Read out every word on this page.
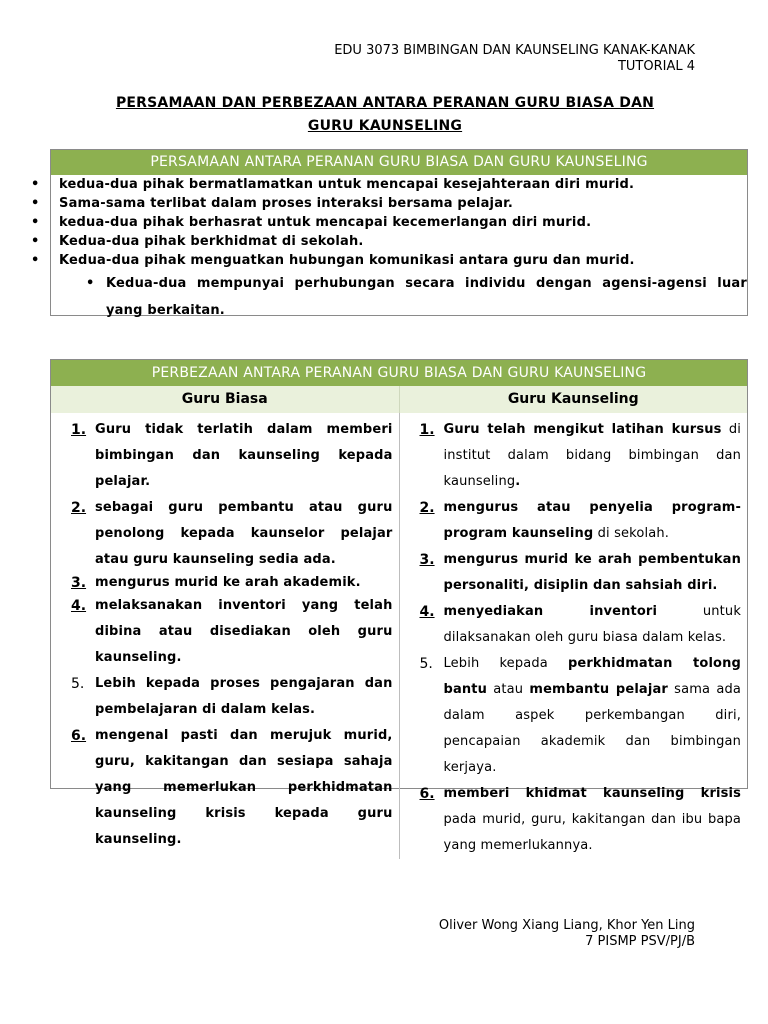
EDU 3073 BIMBINGAN DAN KAUNSELING KANAK-KANAK
TUTORIAL 4
PERSAMAAN DAN PERBEZAAN ANTARA PERANAN GURU BIASA DAN
GURU KAUNSELING
PERSAMAAN ANTARA PERANAN GURU BIASA DAN GURU KAUNSELING
• kedua-dua pihak bermatlamatkan untuk mencapai kesejahteraan diri murid.
• Sama-sama terlibat dalam proses interaksi bersama pelajar.
• kedua-dua pihak berhasrat untuk mencapai kecemerlangan diri murid.
• Kedua-dua pihak berkhidmat di sekolah.
• Kedua-dua pihak menguatkan hubungan komunikasi antara guru dan murid.
• Kedua-dua mempunyai perhubungan secara individu dengan agensi-agensi luar yang berkaitan.
PERBEZAAN ANTARA PERANAN GURU BIASA DAN GURU KAUNSELING
Guru Biasa	Guru Kaunseling
1. Guru tidak terlatih dalam memberi bimbingan dan kaunseling kepada pelajar.
2. sebagai guru pembantu atau guru penolong kepada kaunselor pelajar atau guru kaunseling sedia ada.
3. mengurus murid ke arah akademik.
4. melaksanakan inventori yang telah dibina atau disediakan oleh guru kaunseling.
5. Lebih kepada proses pengajaran dan pembelajaran di dalam kelas.
6. mengenal pasti dan merujuk murid, guru, kakitangan dan sesiapa sahaja yang memerlukan perkhidmatan kaunseling krisis kepada guru kaunseling.
1. Guru telah mengikut latihan kursus di institut dalam bidang bimbingan dan kaunseling.
2. mengurus atau penyelia program-program kaunseling di sekolah.
3. mengurus murid ke arah pembentukan personaliti, disiplin dan sahsiah diri.
4. menyediakan inventori untuk dilaksanakan oleh guru biasa dalam kelas.
5. Lebih kepada perkhidmatan tolong bantu atau membantu pelajar sama ada dalam aspek perkembangan diri, pencapaian akademik dan bimbingan kerjaya.
6. memberi khidmat kaunseling krisis pada murid, guru, kakitangan dan ibu bapa yang memerlukannya.
Oliver Wong Xiang Liang, Khor Yen Ling
7 PISMP PSV/PJ/B
